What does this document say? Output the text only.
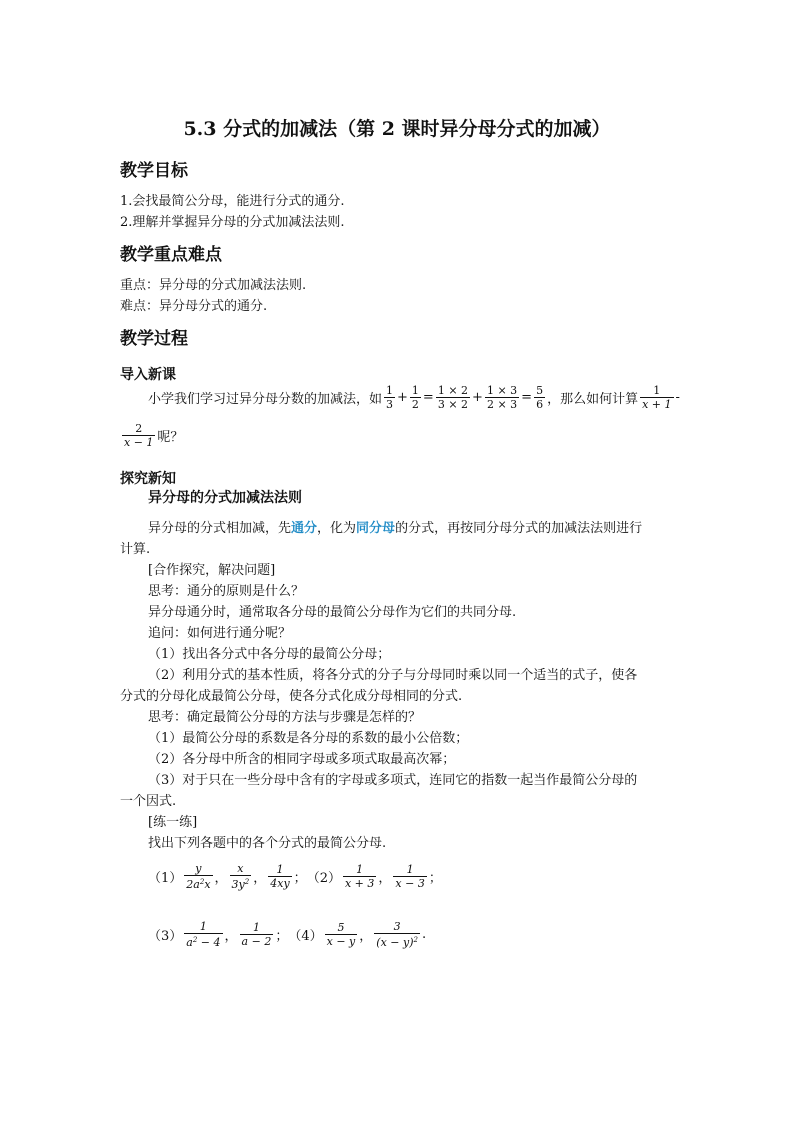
5.3 分式的加减法（第 2 课时异分母分式的加减）
教学目标
1.会找最简公分母，能进行分式的通分.
2.理解并掌握异分母的分式加减法法则.
教学重点难点
重点：异分母的分式加减法法则.
难点：异分母分式的通分.
教学过程
导入新课
小学我们学习过异分母分数的加减法，如 $\frac{1}{3} + \frac{1}{2} = \frac{1 \times 2}{3 \times 2} + \frac{1 \times 3}{2 \times 3} = \frac{5}{6}$ ，那么如何计算 $\frac{1}{x + 1}$ -
$\frac{2}{x - 1}$ 呢？
探究新知
异分母的分式加减法法则
异分母的分式相加减，先通分，化为同分母的分式，再按同分母分式的加减法法则进行
计算.
[合作探究，解决问题]
思考：通分的原则是什么？
异分母通分时，通常取各分母的最简公分母作为它们的共同分母.
追问：如何进行通分呢？
（1）找出各分式中各分母的最简公分母；
（2）利用分式的基本性质，将各分式的分子与分母同时乘以同一个适当的式子，使各
分式的分母化成最简公分母，使各分式化成分母相同的分式.
思考：确定最简公分母的方法与步骤是怎样的？
（1）最简公分母的系数是各分母的系数的最小公倍数；
（2）各分母中所含的相同字母或多项式取最高次幂；
（3）对于只在一些分母中含有的字母或多项式，连同它的指数一起当作最简公分母的
一个因式.
[练一练]
找出下列各题中的各个分式的最简公分母.
$(1) \frac{y}{2a^2x}$ ， $\frac{x}{3y^2}$ ， $\frac{1}{4xy}$ ； $(2) \frac{1}{x + 3}$ ， $\frac{1}{x - 3}$ ；
$(3) \frac{1}{a^2 - 4}$ ， $\frac{1}{a - 2}$ ； $(4) \frac{5}{x - y}$ ， $\frac{3}{(x - y)^2}$ .
